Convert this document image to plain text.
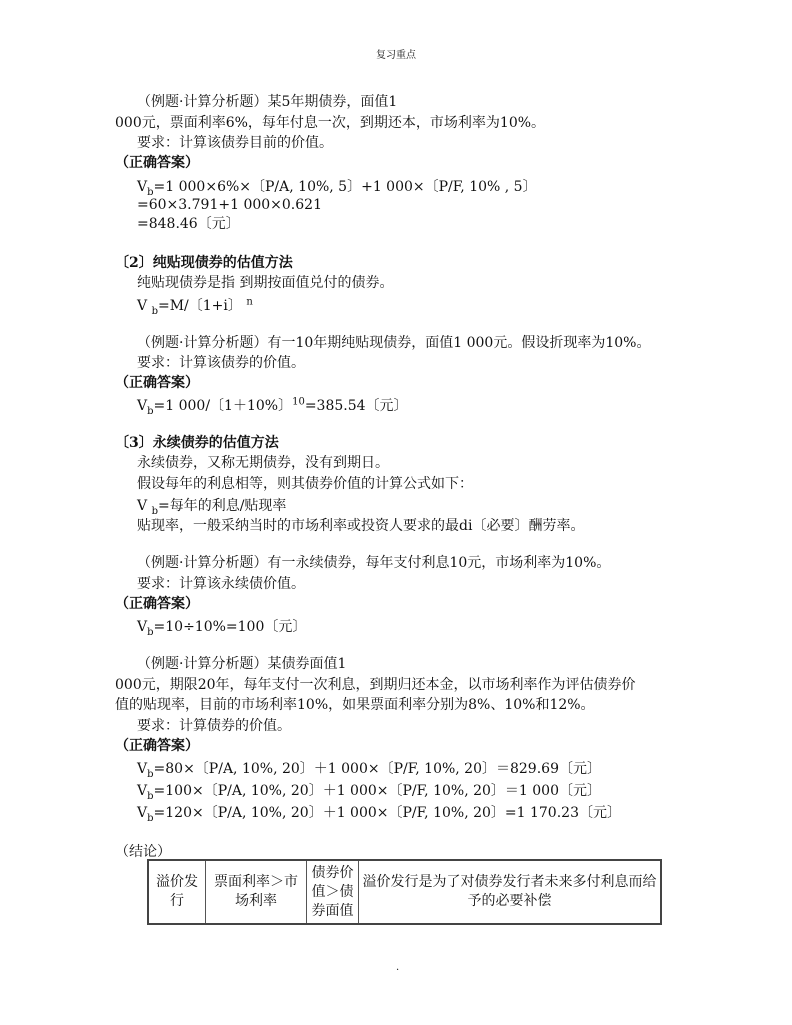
复习重点
（例题·计算分析题）某5年期债券，面值1
000元，票面利率6%，每年付息一次，到期还本，市场利率为10%。
要求：计算该债券目前的价值。
（正确答案）
$V_b=1$ 000×6%×〔P/A, 10%, 5〕+1 000×〔P/F, 10% , 5〕
=60×3.791+1 000×0.621
=848.46〔元〕
〔2〕纯贴现债券的估值方法
纯贴现债券是指 到期按面值兑付的债券。
V $_b$=M/〔1+i〕 $^n$
（例题·计算分析题）有一10年期纯贴现债券，面值1 000元。假设折现率为10%。
要求：计算该债券的价值。
（正确答案）
$V_b=1$ 000/〔1＋10%〕$^{10}$=385.54〔元〕
〔3〕永续债券的估值方法
永续债券，又称无期债券，没有到期日。
假设每年的利息相等，则其债券价值的计算公式如下：
V $_b$=每年的利息/贴现率
贴现率，一般采纳当时的市场利率或投资人要求的最di〔必要〕酬劳率。
（例题·计算分析题）有一永续债券，每年支付利息10元，市场利率为10%。
要求：计算该永续债价值。
（正确答案）
$V_b=10\div 10\%=100$〔元〕
（例题·计算分析题）某债券面值1
000元，期限20年，每年支付一次利息，到期归还本金，以市场利率作为评估债券价
值的贴现率，目前的市场利率10%，如果票面利率分别为8%、10%和12%。
要求：计算债券的价值。
（正确答案）
$V_b=80\times$〔P/A, 10%, 20〕＋1 000×〔P/F, 10%, 20〕＝829.69〔元〕
$V_b=100\times$〔P/A, 10%, 20〕＋1 000×〔P/F, 10%, 20〕＝1 000〔元〕
$V_b=120\times$〔P/A, 10%, 20〕＋1 000×〔P/F, 10%, 20〕=1 170.23〔元〕
（结论）
溢价发行	票面利率＞市场利率	债券价值＞债券面值	溢价发行是为了对债券发行者未来多付利息而给予的必要补偿
.
